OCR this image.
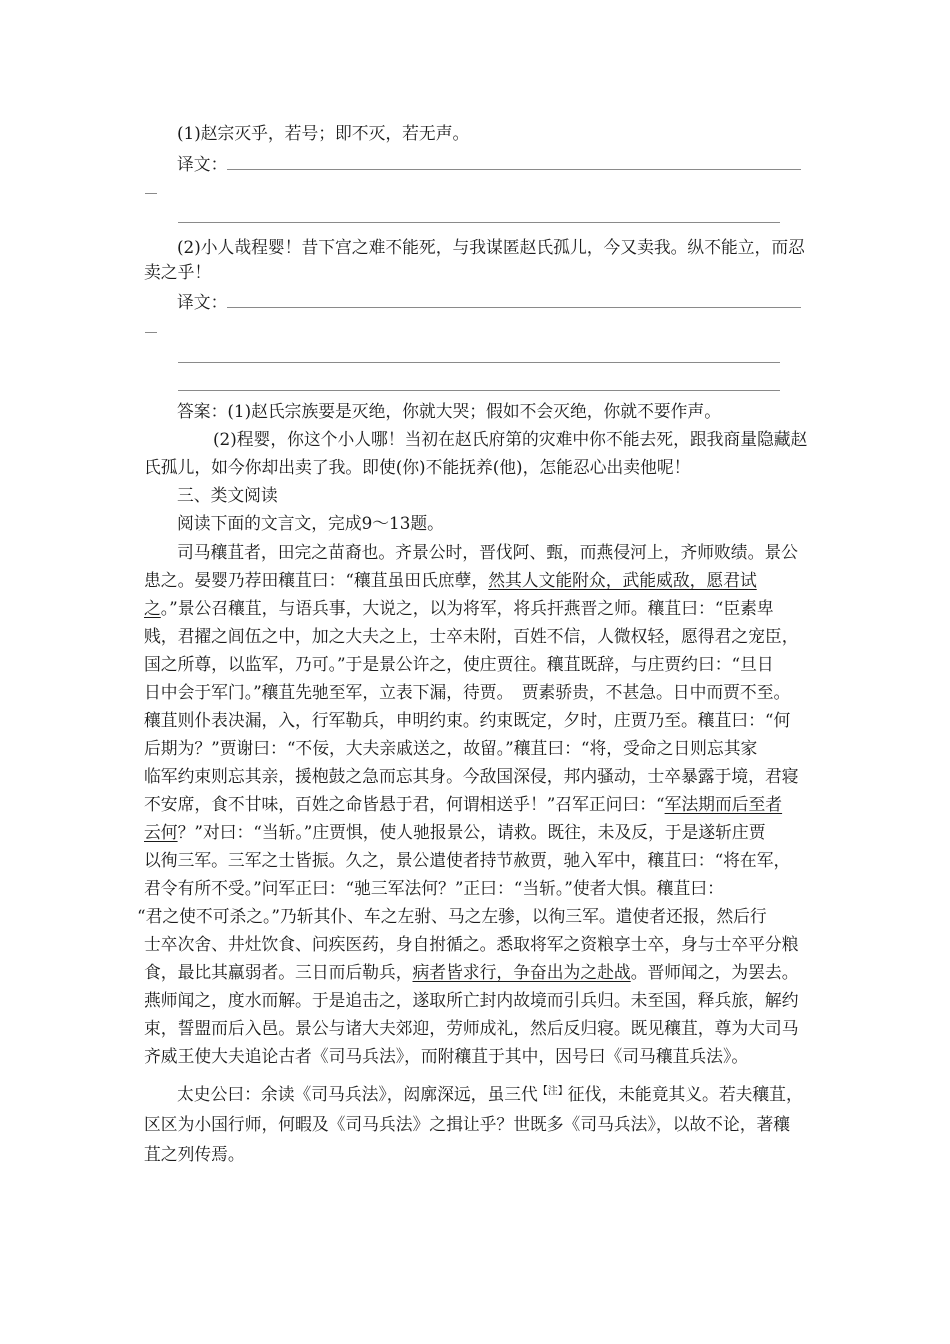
(1)赵宗灭乎，若号；即不灭，若无声。

译文：

(2)小人哉程婴！昔下宫之难不能死，与我谋匿赵氏孤儿，今又卖我。纵不能立，而忍

卖之乎！

译文：

答案：(1)赵氏宗族要是灭绝，你就大哭；假如不会灭绝，你就不要作声。

(2)程婴，你这个小人哪！当初在赵氏府第的灾难中你不能去死，跟我商量隐藏赵

氏孤儿，如今你却出卖了我。即使(你)不能抚养(他)，怎能忍心出卖他呢！

三、类文阅读

阅读下面的文言文，完成9～13题。

司马穰苴者，田完之苗裔也。齐景公时，晋伐阿、甄，而燕侵河上，齐师败绩。景公

患之。晏婴乃荐田穰苴曰：“穰苴虽田氏庶孽，然其人文能附众，武能威敌，愿君试

之。”景公召穰苴，与语兵事，大说之，以为将军，将兵扞燕晋之师。穰苴曰：“臣素卑

贱，君擢之闾伍之中，加之大夫之上，士卒未附，百姓不信，人微权轻，愿得君之宠臣，

国之所尊，以监军，乃可。”于是景公许之，使庄贾往。穰苴既辞，与庄贾约曰：“旦日

日中会于军门。”穰苴先驰至军，立表下漏，待贾。　贾素骄贵，不甚急。日中而贾不至。

穰苴则仆表决漏，入，行军勒兵，申明约束。约束既定，夕时，庄贾乃至。穰苴曰：“何

后期为？”贾谢曰：“不佞，大夫亲戚送之，故留。”穰苴曰：“将，受命之日则忘其家

临军约束则忘其亲，援枹鼓之急而忘其身。今敌国深侵，邦内骚动，士卒暴露于境，君寝

不安席，食不甘味，百姓之命皆悬于君，何谓相送乎！”召军正问曰：“军法期而后至者

云何？”对曰：“当斩。”庄贾惧，使人驰报景公，请救。既往，未及反，于是遂斩庄贾

以徇三军。三军之士皆振。久之，景公遣使者持节赦贾，驰入军中，穰苴曰：“将在军，

君令有所不受。”问军正曰：“驰三军法何？”正曰：“当斩。”使者大惧。穰苴曰：

“君之使不可杀之。”乃斩其仆、车之左驸、马之左骖，以徇三军。遣使者还报，然后行

士卒次舍、井灶饮食、问疾医药，身自拊循之。悉取将军之资粮享士卒，身与士卒平分粮

食，最比其羸弱者。三日而后勒兵，病者皆求行，争奋出为之赴战。晋师闻之，为罢去。

燕师闻之，度水而解。于是追击之，遂取所亡封内故境而引兵归。未至国，释兵旅，解约

束，誓盟而后入邑。景公与诸大夫郊迎，劳师成礼，然后反归寝。既见穰苴，尊为大司马

齐威王使大夫追论古者《司马兵法》，而附穰苴于其中，因号曰《司马穰苴兵法》。

太史公曰：余读《司马兵法》，闳廓深远，虽三代$^{【注】}$征伐，未能竟其义。若夫穰苴，

区区为小国行师，何暇及《司马兵法》之揖让乎？世既多《司马兵法》，以故不论，著穰

苴之列传焉。
